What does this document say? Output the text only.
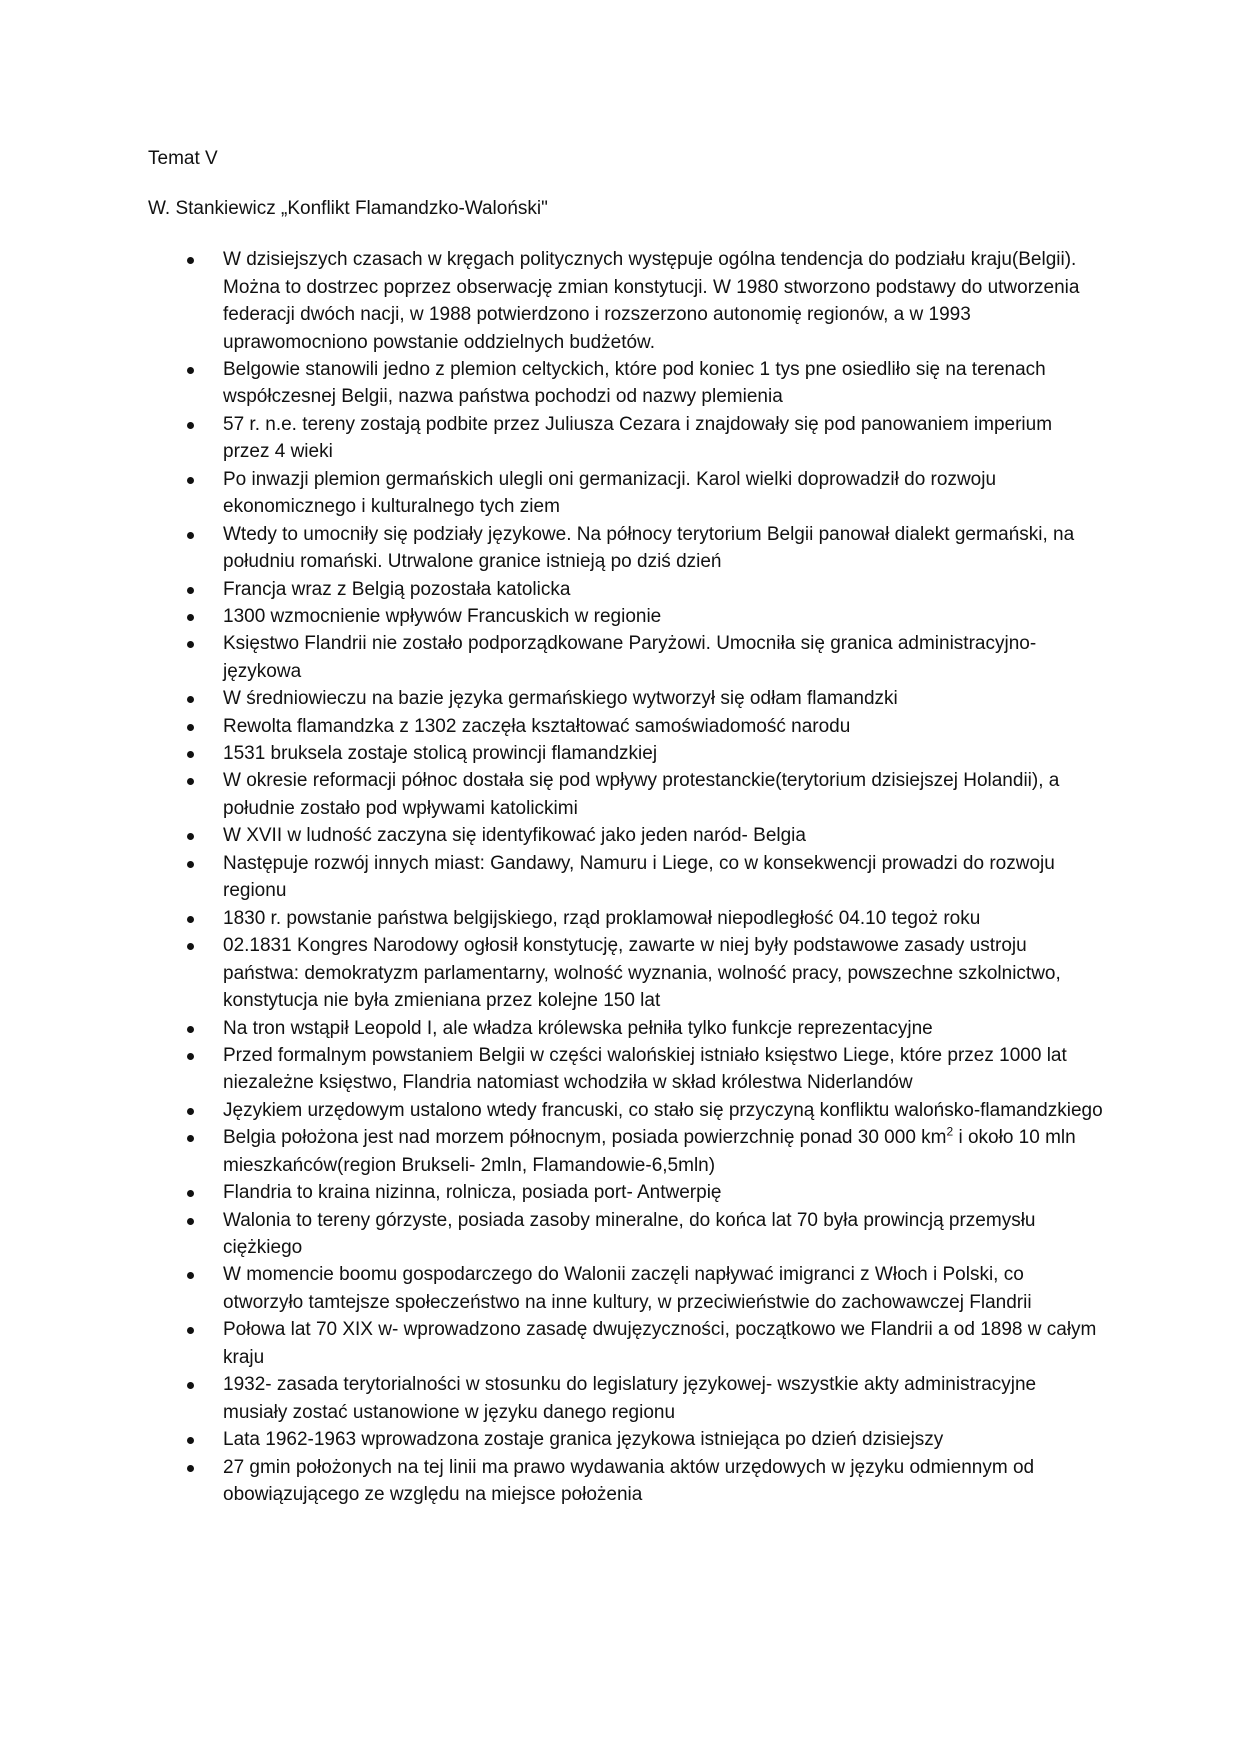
Temat V
W. Stankiewicz „Konflikt Flamandzko-Waloński"
W dzisiejszych czasach w kręgach politycznych występuje ogólna tendencja do podziału kraju(Belgii). Można to dostrzec poprzez obserwację zmian konstytucji. W 1980 stworzono podstawy do utworzenia federacji dwóch nacji, w 1988 potwierdzono i rozszerzono autonomię regionów, a w 1993 uprawomocniono powstanie oddzielnych budżetów.
Belgowie stanowili jedno z plemion celtyckich, które pod koniec 1 tys pne osiedliło się na terenach współczesnej Belgii, nazwa państwa pochodzi od nazwy plemienia
57 r. n.e. tereny zostają podbite przez Juliusza Cezara i znajdowały się pod panowaniem imperium przez 4 wieki
Po inwazji plemion germańskich ulegli oni germanizacji. Karol wielki doprowadził do rozwoju ekonomicznego i kulturalnego tych ziem
Wtedy to umocniły się podziały językowe. Na północy terytorium Belgii panował dialekt germański, na południu romański. Utrwalone granice istnieją po dziś dzień
Francja wraz z Belgią pozostała katolicka
1300 wzmocnienie wpływów Francuskich w regionie
Księstwo Flandrii nie zostało podporządkowane Paryżowi. Umocniła się granica administracyjno-językowa
W średniowieczu na bazie języka germańskiego wytworzył się odłam flamandzki
Rewolta flamandzka z 1302 zaczęła kształtować samoświadomość narodu
1531 bruksela zostaje stolicą prowincji flamandzkiej
W okresie reformacji północ dostała się pod wpływy protestanckie(terytorium dzisiejszej Holandii), a południe zostało pod wpływami katolickimi
W XVII w ludność zaczyna się identyfikować jako jeden naród- Belgia
Następuje rozwój innych miast: Gandawy, Namuru i Liege, co w konsekwencji prowadzi do rozwoju regionu
1830 r. powstanie państwa belgijskiego, rząd proklamował niepodległość 04.10 tegoż roku
02.1831 Kongres Narodowy ogłosił konstytucję, zawarte w niej były podstawowe zasady ustroju państwa: demokratyzm parlamentarny, wolność wyznania, wolność pracy, powszechne szkolnictwo, konstytucja nie była zmieniana przez kolejne 150 lat
Na tron wstąpił Leopold I, ale władza królewska pełniła tylko funkcje reprezentacyjne
Przed formalnym powstaniem Belgii w części walońskiej istniało księstwo Liege, które przez 1000 lat niezależne księstwo, Flandria natomiast wchodziła w skład królestwa Niderlandów
Językiem urzędowym ustalono wtedy francuski, co stało się przyczyną konfliktu walońsko-flamandzkiego
Belgia położona jest nad morzem północnym, posiada powierzchnię ponad 30 000 $km^2$ i około 10 mln mieszkańców(region Brukseli- 2mln, Flamandowie-6,5mln)
Flandria to kraina nizinna, rolnicza, posiada port- Antwerpię
Walonia to tereny górzyste, posiada zasoby mineralne, do końca lat 70 była prowincją przemysłu ciężkiego
W momencie boomu gospodarczego do Walonii zaczęli napływać imigranci z Włoch i Polski, co otworzyło tamtejsze społeczeństwo na inne kultury, w przeciwieństwie do zachowawczej Flandrii
Połowa lat 70 XIX w- wprowadzono zasadę dwujęzyczności, początkowo we Flandrii a od 1898 w całym kraju
1932- zasada terytorialności w stosunku do legislatury językowej- wszystkie akty administracyjne musiały zostać ustanowione w języku danego regionu
Lata 1962-1963 wprowadzona zostaje granica językowa istniejąca po dzień dzisiejszy
27 gmin położonych na tej linii ma prawo wydawania aktów urzędowych w języku odmiennym od obowiązującego ze względu na miejsce położenia
